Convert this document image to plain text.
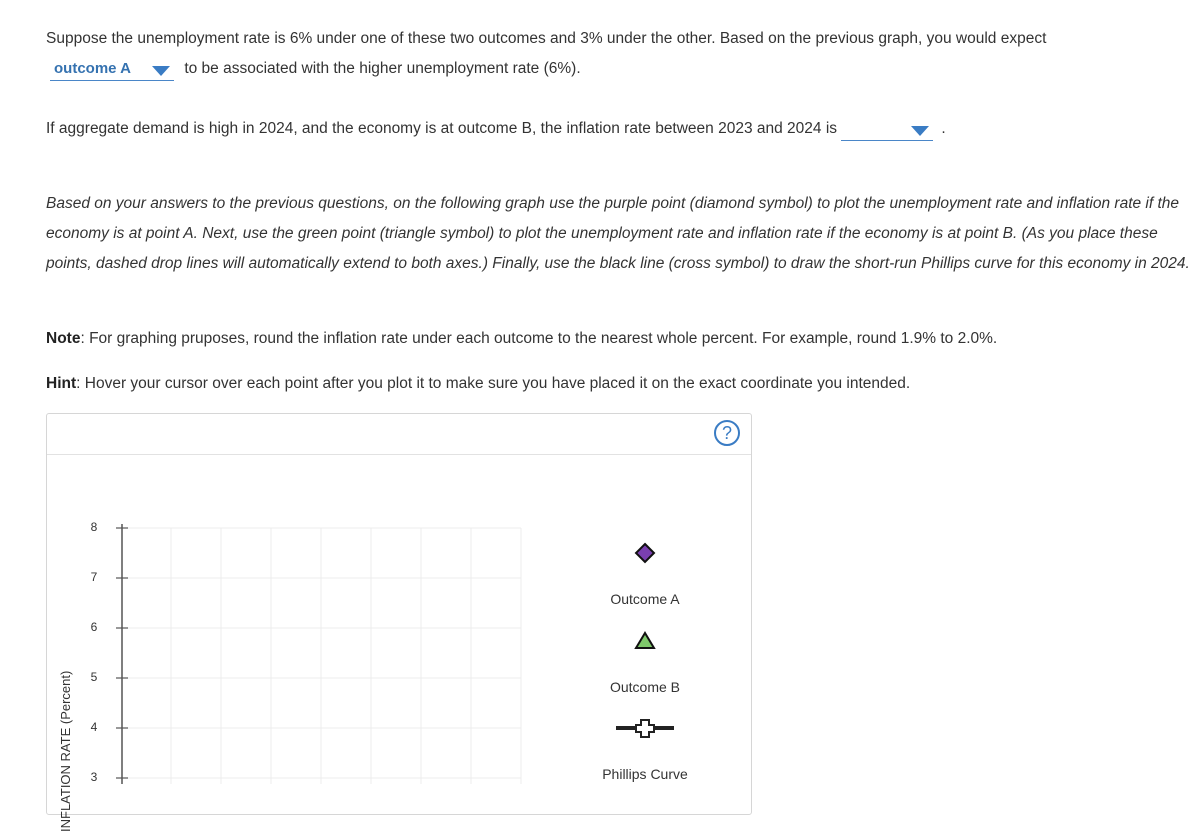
Suppose the unemployment rate is 6% under one of these two outcomes and 3% under the other. Based on the previous graph, you would expect
outcome A	to be associated with the higher unemployment rate (6%).

If aggregate demand is high in 2024, and the economy is at outcome B, the inflation rate between 2023 and 2024 is	.

Based on your answers to the previous questions, on the following graph use the purple point (diamond symbol) to plot the unemployment rate and inflation rate if the economy is at point A. Next, use the green point (triangle symbol) to plot the unemployment rate and inflation rate if the economy is at point B. (As you place these points, dashed drop lines will automatically extend to both axes.) Finally, use the black line (cross symbol) to draw the short-run Phillips curve for this economy in 2024.

Note: For graphing pruposes, round the inflation rate under each outcome to the nearest whole percent. For example, round 1.9% to 2.0%.

Hint: Hover your cursor over each point after you plot it to make sure you have placed it on the exact coordinate you intended.

?
8
7
6
5
4
3
INFLATION RATE (Percent)
Outcome A
Outcome B
Phillips Curve
